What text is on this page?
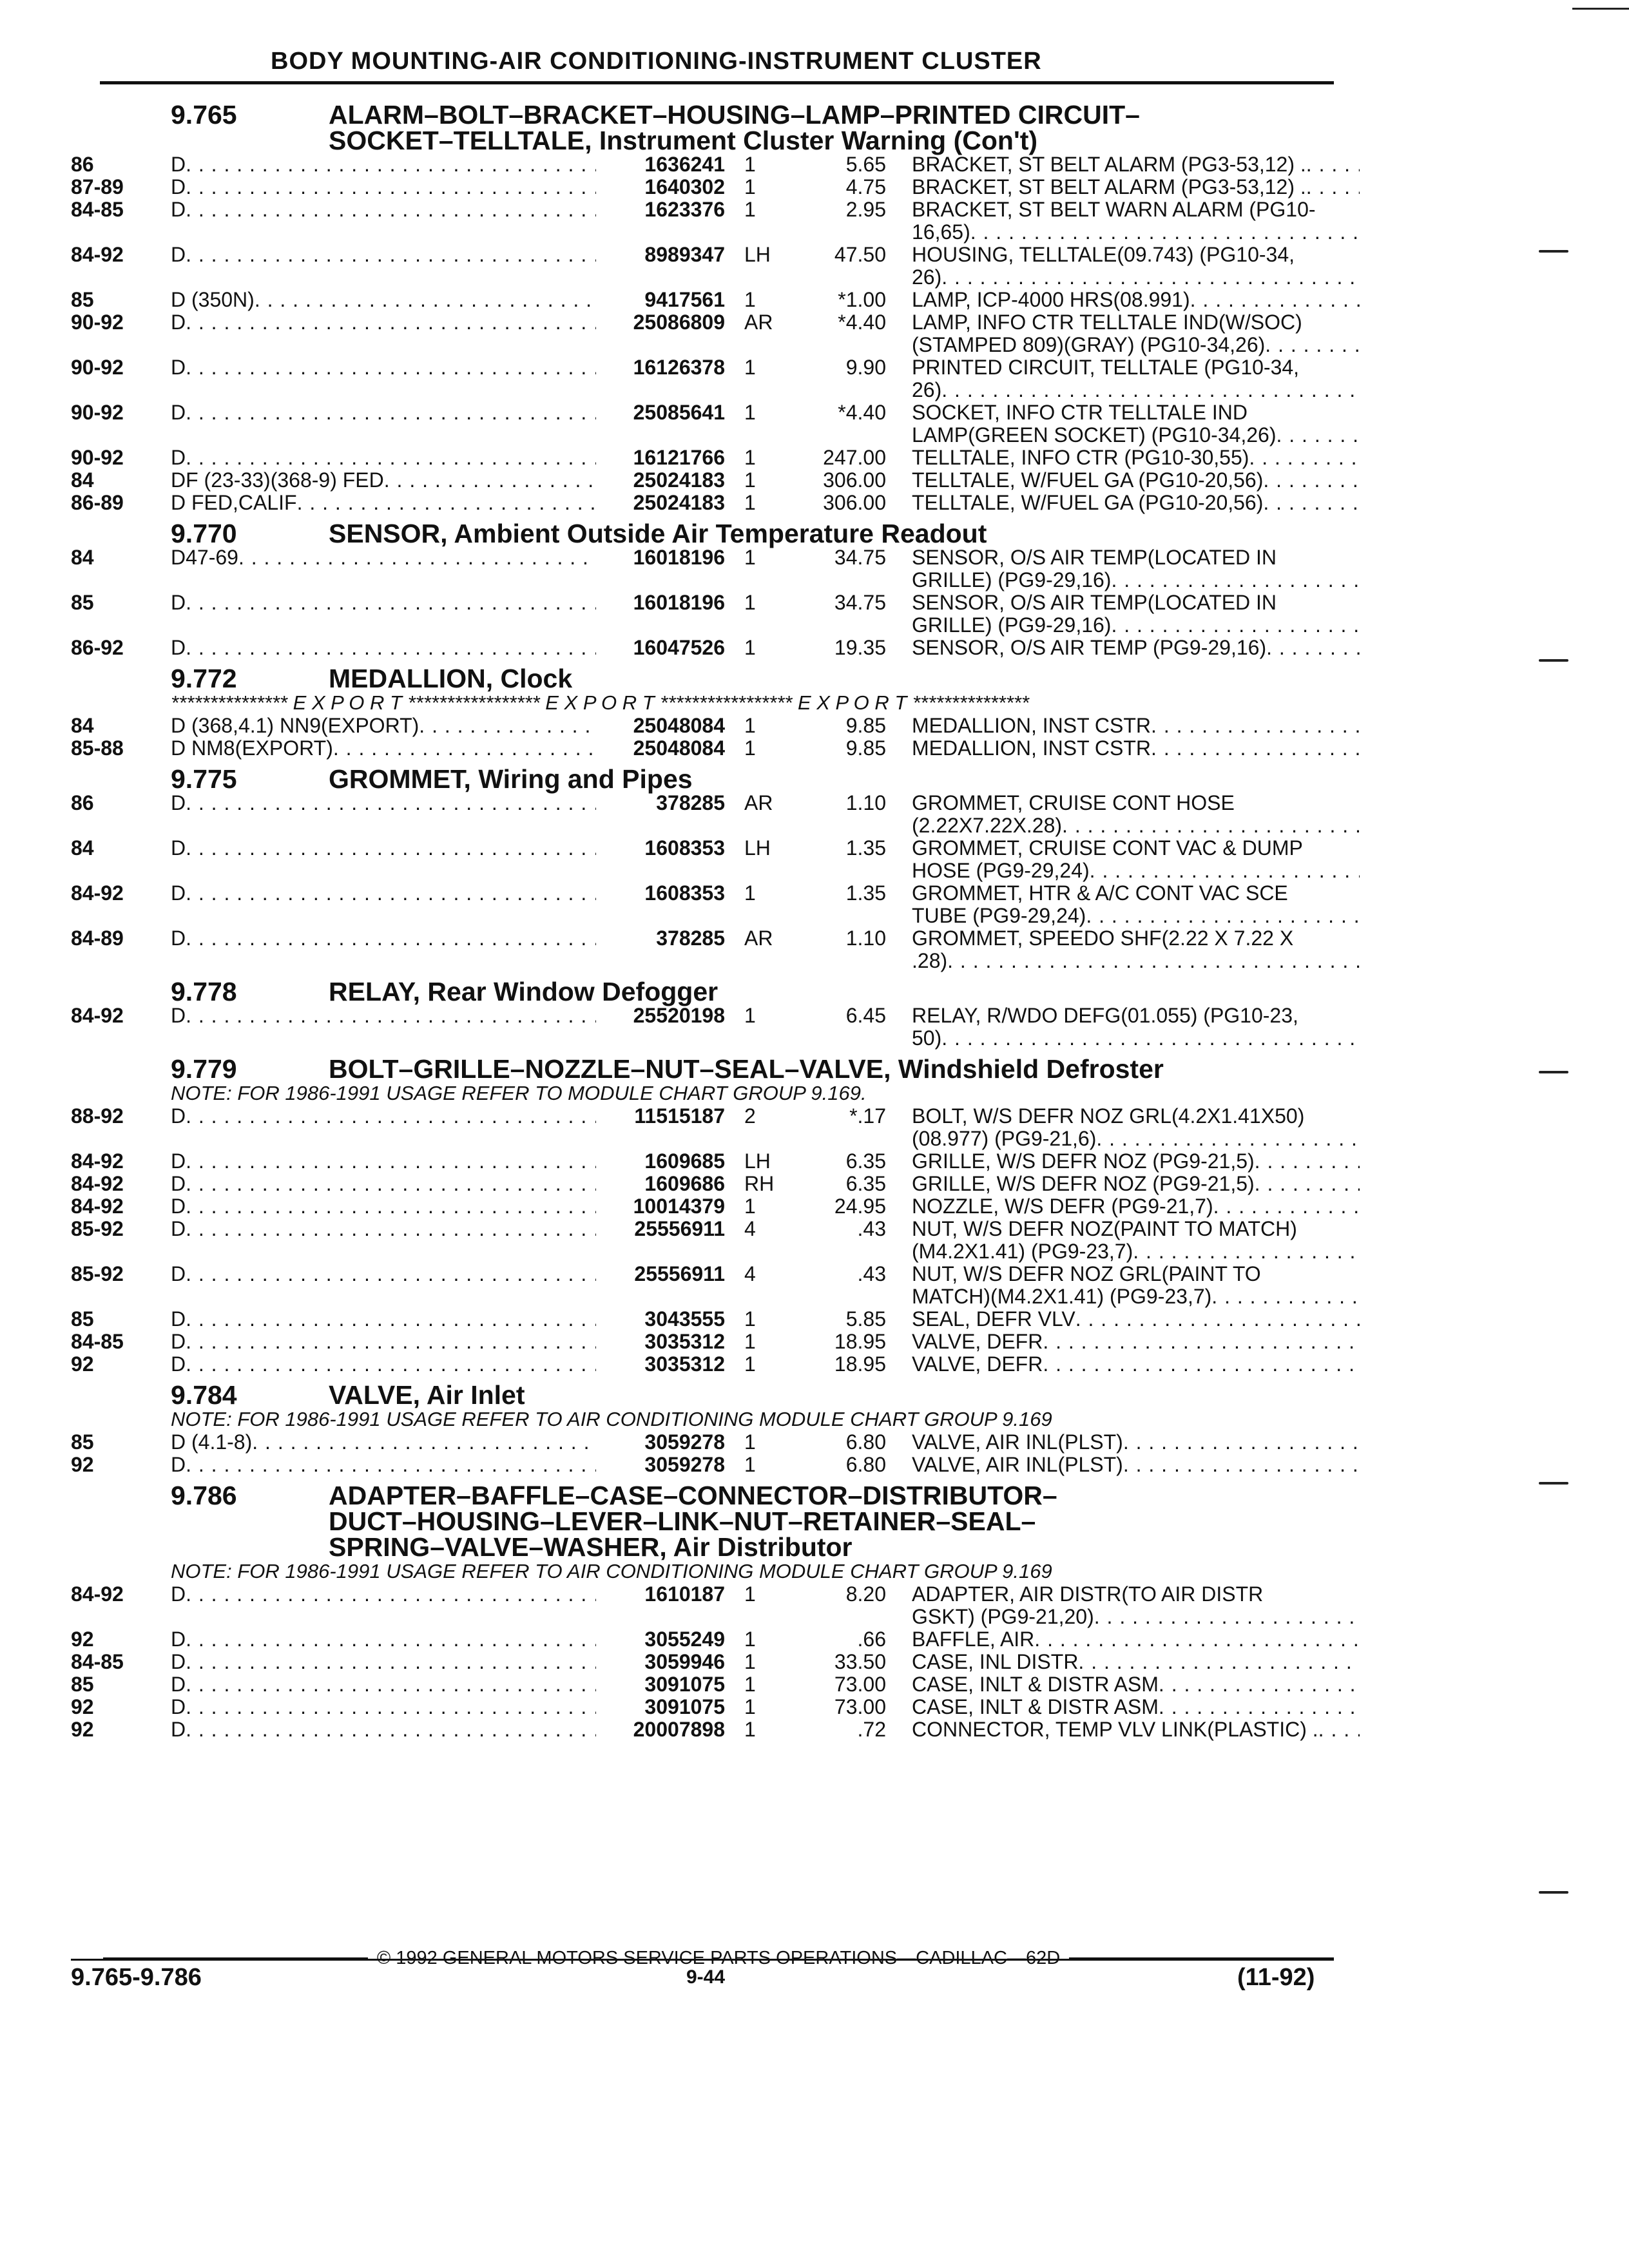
BODY MOUNTING-AIR CONDITIONING-INSTRUMENT CLUSTER
9.765	ALARM–BOLT–BRACKET–HOUSING–LAMP–PRINTED CIRCUIT–
SOCKET–TELLTALE, Instrument Cluster Warning (Con't)
86	D . . .	1636241 1	5.65 BRACKET, ST BELT ALARM (PG3-53,12) .
. . .
87-89	D . . .	1640302 1	4.75 BRACKET, ST BELT ALARM (PG3-53,12) .
. . .
84-85	D . . .	1623376 1	2.95 BRACKET, ST BELT WARN ALARM (PG10-
16,65)
. . .
84-92	D . . .	8989347 LH	47.50 HOUSING, TELLTALE(09.743) (PG10-34,
26)
. . .
85	D (350N) . . .	9417561 1	*1.00 LAMP, ICP-4000 HRS(08.991)
. . .
90-92	D . . .	25086809 AR	*4.40 LAMP, INFO CTR TELLTALE IND(W/SOC)
(STAMPED 809)(GRAY) (PG10-34,26)
. . .
90-92	D . . .	16126378 1	9.90 PRINTED CIRCUIT, TELLTALE (PG10-34,
26)
. . .
90-92	D . . .	25085641 1	*4.40 SOCKET, INFO CTR TELLTALE IND
LAMP(GREEN SOCKET) (PG10-34,26)
. . .
90-92	D . . .	16121766 1	247.00 TELLTALE, INFO CTR (PG10-30,55)
. . .
84	DF (23-33)(368-9) FED . . .	25024183 1	306.00 TELLTALE, W/FUEL GA (PG10-20,56)
. . .
86-89	D FED,CALIF . . .	25024183 1	306.00 TELLTALE, W/FUEL GA (PG10-20,56)
. . .
9.770	SENSOR, Ambient Outside Air Temperature Readout
84	D47-69 . . .	16018196 1	34.75 SENSOR, O/S AIR TEMP(LOCATED IN
GRILLE) (PG9-29,16)
. . .
85	D . . .	16018196 1	34.75 SENSOR, O/S AIR TEMP(LOCATED IN
GRILLE) (PG9-29,16)
. . .
86-92	D . . .	16047526 1	19.35 SENSOR, O/S AIR TEMP (PG9-29,16)
. . .
9.772	MEDALLION, Clock
*************** E X P O R T ***************** E X P O R T ***************** E X P O R T ***************
84	D (368,4.1) NN9(EXPORT) . . .	25048084 1	9.85 MEDALLION, INST CSTR
. . .
85-88	D NM8(EXPORT) . . .	25048084 1	9.85 MEDALLION, INST CSTR
. . .
9.775	GROMMET, Wiring and Pipes
86	D . . .	378285 AR	1.10 GROMMET, CRUISE CONT HOSE
(2.22X7.22X.28)
. . .
84	D . . .	1608353 LH	1.35 GROMMET, CRUISE CONT VAC & DUMP
HOSE (PG9-29,24)
. . .
84-92	D . . .	1608353 1	1.35 GROMMET, HTR & A/C CONT VAC SCE
TUBE (PG9-29,24)
. . .
84-89	D . . .	378285 AR	1.10 GROMMET, SPEEDO SHF(2.22 X 7.22 X
.28)
. . .
9.778	RELAY, Rear Window Defogger
84-92	D . . .	25520198 1	6.45 RELAY, R/WDO DEFG(01.055) (PG10-23,
50)
. . .
9.779	BOLT–GRILLE–NOZZLE–NUT–SEAL–VALVE, Windshield Defroster
NOTE: FOR 1986-1991 USAGE REFER TO MODULE CHART GROUP 9.169.
88-92	D . . .	11515187 2	*.17 BOLT, W/S DEFR NOZ GRL(4.2X1.41X50)
(08.977) (PG9-21,6)
. . .
84-92	D . . .	1609685 LH	6.35 GRILLE, W/S DEFR NOZ (PG9-21,5)
. . .
84-92	D . . .	1609686 RH	6.35 GRILLE, W/S DEFR NOZ (PG9-21,5)
. . .
84-92	D . . .	10014379 1	24.95 NOZZLE, W/S DEFR (PG9-21,7)
. . .
85-92	D . . .	25556911 4	.43 NUT, W/S DEFR NOZ(PAINT TO MATCH)
(M4.2X1.41) (PG9-23,7)
. . .
85-92	D . . .	25556911 4	.43 NUT, W/S DEFR NOZ GRL(PAINT TO
MATCH)(M4.2X1.41) (PG9-23,7)
. . .
85	D . . .	3043555 1	5.85 SEAL, DEFR VLV
. . .
84-85	D . . .	3035312 1	18.95 VALVE, DEFR
. . .
92	D . . .	3035312 1	18.95 VALVE, DEFR
. . .
9.784	VALVE, Air Inlet
NOTE: FOR 1986-1991 USAGE REFER TO AIR CONDITIONING MODULE CHART GROUP 9.169
85	D (4.1-8) . . .	3059278 1	6.80 VALVE, AIR INL(PLST)
. . .
92	D . . .	3059278 1	6.80 VALVE, AIR INL(PLST)
. . .
9.786	ADAPTER–BAFFLE–CASE–CONNECTOR–DISTRIBUTOR–
DUCT–HOUSING–LEVER–LINK–NUT–RETAINER–SEAL–
SPRING–VALVE–WASHER, Air Distributor
NOTE: FOR 1986-1991 USAGE REFER TO AIR CONDITIONING MODULE CHART GROUP 9.169
84-92	D . . .	1610187 1	8.20 ADAPTER, AIR DISTR(TO AIR DISTR
GSKT) (PG9-21,20)
. . .
92	D . . .	3055249 1	.66 BAFFLE, AIR
. . .
84-85	D . . .	3059946 1	33.50 CASE, INL DISTR
. . .
85	D . . .	3091075 1	73.00 CASE, INLT & DISTR ASM
. . .
92	D . . .	3091075 1	73.00 CASE, INLT & DISTR ASM
. . .
92	D . . .	20007898 1	.72 CONNECTOR, TEMP VLV LINK(PLASTIC) .
. . .
© 1992 GENERAL MOTORS SERVICE PARTS OPERATIONS—CADILLAC—62D
9.765-9.786	9-44	(11-92)
